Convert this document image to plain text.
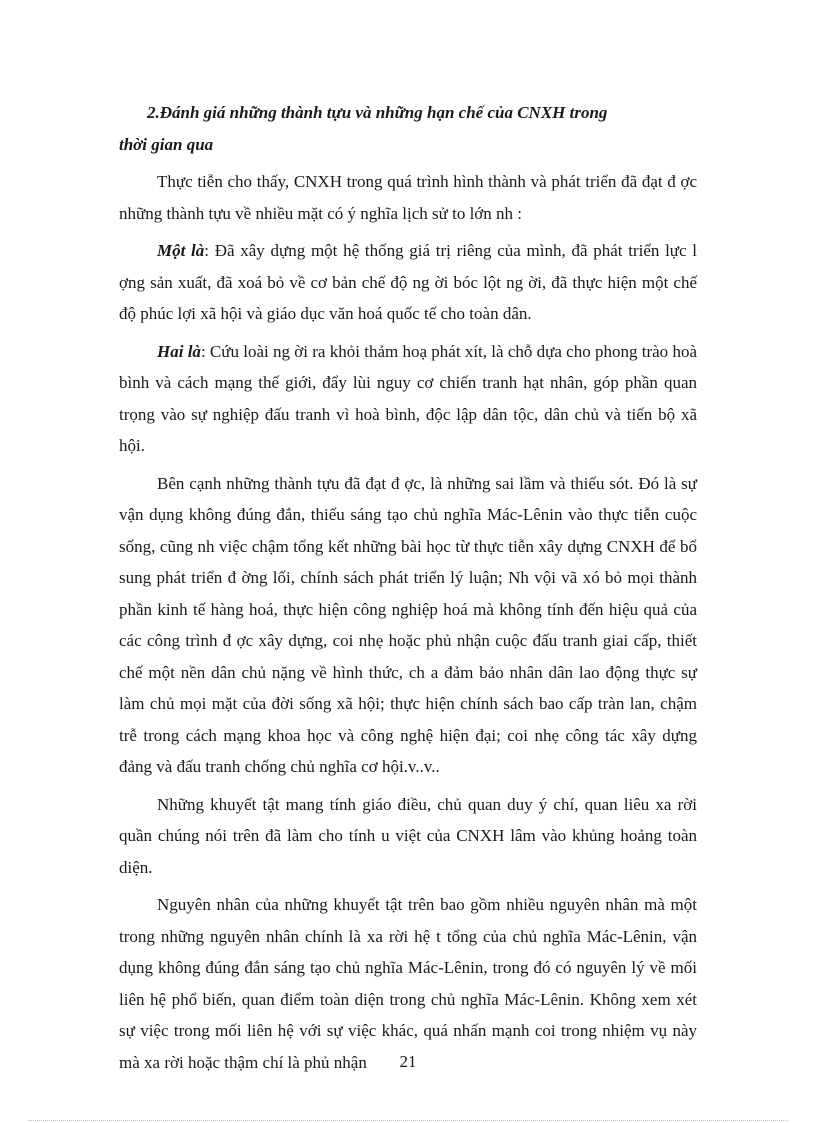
2.Đánh giá những thành tựu và những hạn chế của CNXH trong
thời gian qua

Thực tiễn cho thấy, CNXH trong quá trình hình thành và phát triển đã đạt đ ợc những thành tựu về nhiều mặt có ý nghĩa lịch sử to lớn nh :

Một là: Đã xây dựng một hệ thống giá trị riêng của mình, đã phát triển lực l ợng sản xuất, đã xoá bỏ về cơ bản chế độ ng ời bóc lột ng ời, đã thực hiện một chế độ phúc lợi xã hội và giáo dục văn hoá quốc tế cho toàn dân.

Hai là: Cứu loài ng ời ra khỏi thảm hoạ phát xít, là chỗ dựa cho phong trào hoà bình và cách mạng thế giới, đẩy lùi nguy cơ chiến tranh hạt nhân, góp phần quan trọng vào sự nghiệp đấu tranh vì hoà bình, độc lập dân tộc, dân chủ và tiến bộ xã hội.

Bên cạnh những thành tựu đã đạt đ ợc, là những sai lầm và thiếu sót. Đó là sự vận dụng không đúng đắn, thiếu sáng tạo chủ nghĩa Mác-Lênin vào thực tiễn cuộc sống, cũng nh việc chậm tổng kết những bài học từ thực tiễn xây dựng CNXH để bổ sung phát triển đ ờng lối, chính sách phát triển lý luận; Nh vội vã xó bỏ mọi thành phần kinh tế hàng hoá, thực hiện công nghiệp hoá mà không tính đến hiệu quả của các công trình đ ợc xây dựng, coi nhẹ hoặc phủ nhận cuộc đấu tranh giai cấp, thiết chế một nền dân chủ nặng về hình thức, ch a đảm bảo nhân dân lao động thực sự làm chủ mọi mặt của đời sống xã hội; thực hiện chính sách bao cấp tràn lan, chậm trễ trong cách mạng khoa học và công nghệ hiện đại; coi nhẹ công tác xây dựng đảng và đấu tranh chống chủ nghĩa cơ hội.v..v..

Những khuyết tật mang tính giáo điều, chủ quan duy ý chí, quan liêu xa rời quần chúng nói trên đã làm cho tính u việt của CNXH lâm vào khủng hoảng toàn diện.

Nguyên nhân của những khuyết tật trên bao gồm nhiều nguyên nhân mà một trong những nguyên nhân chính là xa rời hệ t tổng của chủ nghĩa Mác-Lênin, vận dụng không đúng đắn sáng tạo chủ nghĩa Mác-Lênin, trong đó có nguyên lý về mối liên hệ phổ biến, quan điểm toàn diện trong chủ nghĩa Mác-Lênin. Không xem xét sự việc trong mối liên hệ với sự việc khác, quá nhấn mạnh coi trong nhiệm vụ này mà xa rời hoặc thậm chí là phủ nhận	21
